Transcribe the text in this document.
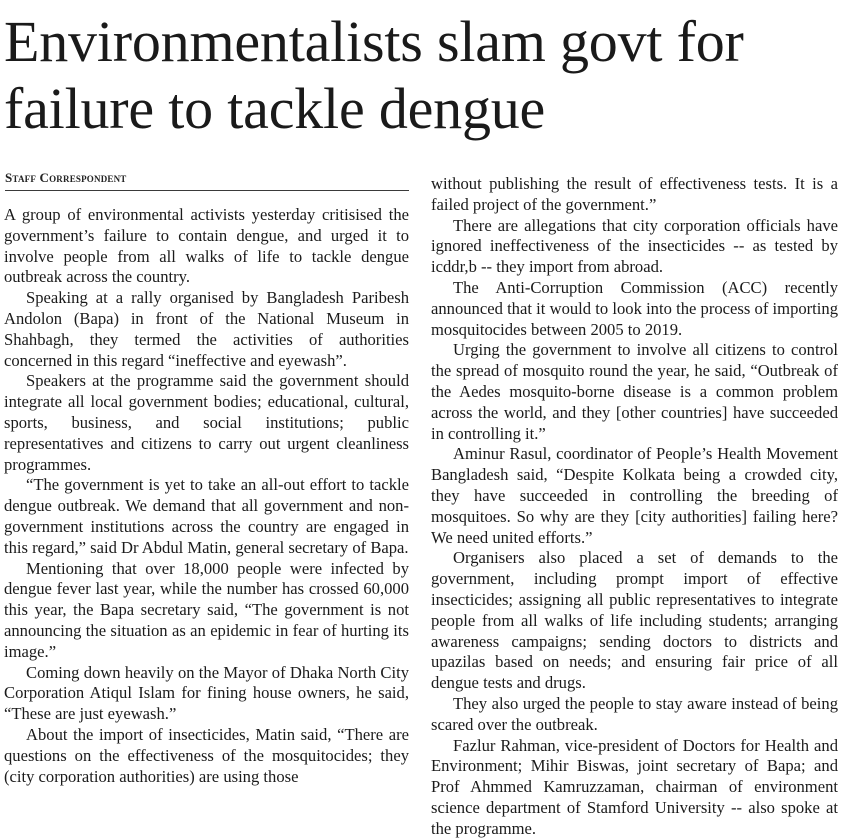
Environmentalists slam govt for failure to tackle dengue
Staff Correspondent

A group of environmental activists yesterday critisised the government’s failure to contain dengue, and urged it to involve people from all walks of life to tackle dengue outbreak across the country.

Speaking at a rally organised by Bangladesh Paribesh Andolon (Bapa) in front of the National Museum in Shahbagh, they termed the activities of authorities concerned in this regard “ineffective and eyewash”.

Speakers at the programme said the government should integrate all local government bodies; educational, cultural, sports, business, and social institutions; public representatives and citizens to carry out urgent cleanliness programmes.

“The government is yet to take an all-out effort to tackle dengue outbreak. We demand that all government and non-government institutions across the country are engaged in this regard,” said Dr Abdul Matin, general secretary of Bapa.

Mentioning that over 18,000 people were infected by dengue fever last year, while the number has crossed 60,000 this year, the Bapa secretary said, “The government is not announcing the situation as an epidemic in fear of hurting its image.”

Coming down heavily on the Mayor of Dhaka North City Corporation Atiqul Islam for fining house owners, he said, “These are just eyewash.”

About the import of insecticides, Matin said, “There are questions on the effectiveness of the mosquitocides; they (city corporation authorities) are using those

without publishing the result of effectiveness tests. It is a failed project of the government.”

There are allegations that city corporation officials have ignored ineffectiveness of the insecticides -- as tested by icddr,b -- they import from abroad.

The Anti-Corruption Commission (ACC) recently announced that it would to look into the process of importing mosquitocides between 2005 to 2019.

Urging the government to involve all citizens to control the spread of mosquito round the year, he said, “Outbreak of the Aedes mosquito-borne disease is a common problem across the world, and they [other countries] have succeeded in controlling it.”

Aminur Rasul, coordinator of People’s Health Movement Bangladesh said, “Despite Kolkata being a crowded city, they have succeeded in controlling the breeding of mosquitoes. So why are they [city authorities] failing here? We need united efforts.”

Organisers also placed a set of demands to the government, including prompt import of effective insecticides; assigning all public representatives to integrate people from all walks of life including students; arranging awareness campaigns; sending doctors to districts and upazilas based on needs; and ensuring fair price of all dengue tests and drugs.

They also urged the people to stay aware instead of being scared over the outbreak.

Fazlur Rahman, vice-president of Doctors for Health and Environment; Mihir Biswas, joint secretary of Bapa; and Prof Ahmmed Kamruzzaman, chairman of environment science department of Stamford University -- also spoke at the programme.
